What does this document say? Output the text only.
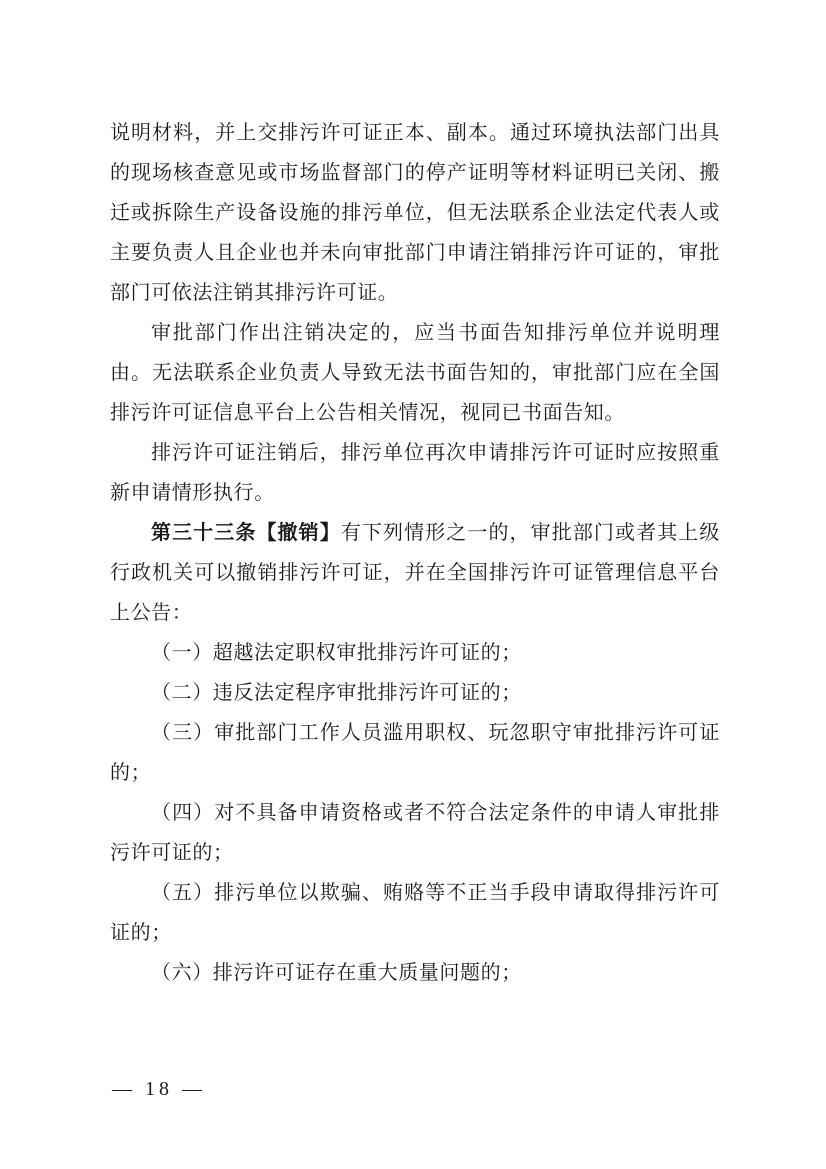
说明材料，并上交排污许可证正本、副本。通过环境执法部门出具的现场核查意见或市场监督部门的停产证明等材料证明已关闭、搬迁或拆除生产设备设施的排污单位，但无法联系企业法定代表人或主要负责人且企业也并未向审批部门申请注销排污许可证的，审批部门可依法注销其排污许可证。

审批部门作出注销决定的，应当书面告知排污单位并说明理由。无法联系企业负责人导致无法书面告知的，审批部门应在全国排污许可证信息平台上公告相关情况，视同已书面告知。

排污许可证注销后，排污单位再次申请排污许可证时应按照重新申请情形执行。

第三十三条【撤销】有下列情形之一的，审批部门或者其上级行政机关可以撤销排污许可证，并在全国排污许可证管理信息平台上公告：

（一）超越法定职权审批排污许可证的；

（二）违反法定程序审批排污许可证的；

（三）审批部门工作人员滥用职权、玩忽职守审批排污许可证的；

（四）对不具备申请资格或者不符合法定条件的申请人审批排污许可证的；

（五）排污单位以欺骗、贿赂等不正当手段申请取得排污许可证的；

（六）排污许可证存在重大质量问题的；

— 18 —
